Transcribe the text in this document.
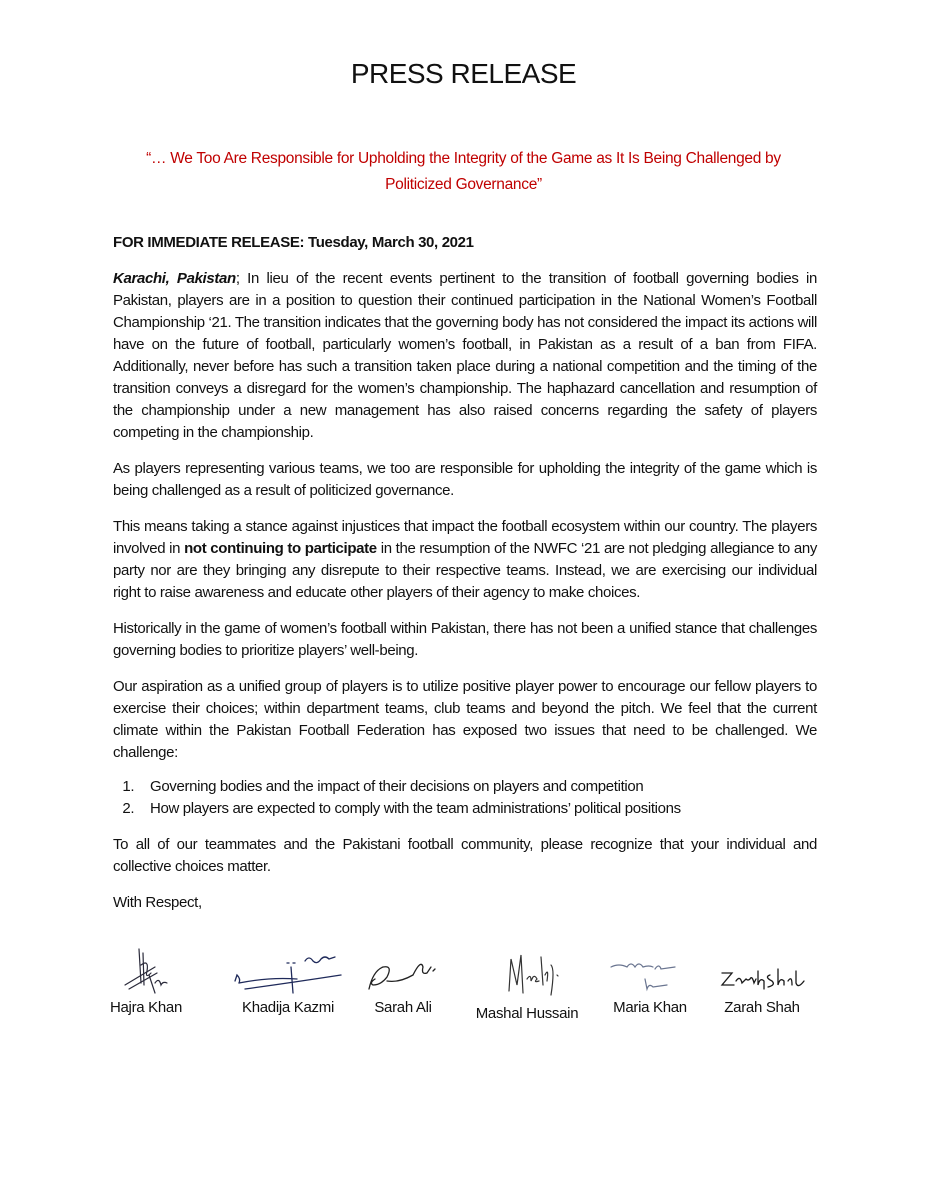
PRESS RELEASE
“… We Too Are Responsible for Upholding the Integrity of the Game as It Is Being Challenged by
Politicized Governance”
FOR IMMEDIATE RELEASE: Tuesday, March 30, 2021

Karachi, Pakistan; In lieu of the recent events pertinent to the transition of football governing bodies in Pakistan, players are in a position to question their continued participation in the National Women’s Football Championship ‘21. The transition indicates that the governing body has not considered the impact its actions will have on the future of football, particularly women’s football, in Pakistan as a result of a ban from FIFA. Additionally, never before has such a transition taken place during a national competition and the timing of the transition conveys a disregard for the women’s championship. The haphazard cancellation and resumption of the championship under a new management has also raised concerns regarding the safety of players competing in the championship.

As players representing various teams, we too are responsible for upholding the integrity of the game which is being challenged as a result of politicized governance.

This means taking a stance against injustices that impact the football ecosystem within our country. The players involved in not continuing to participate in the resumption of the NWFC ‘21 are not pledging allegiance to any party nor are they bringing any disrepute to their respective teams. Instead, we are exercising our individual right to raise awareness and educate other players of their agency to make choices.

Historically in the game of women’s football within Pakistan, there has not been a unified stance that challenges governing bodies to prioritize players’ well-being.

Our aspiration as a unified group of players is to utilize positive player power to encourage our fellow players to exercise their choices; within department teams, club teams and beyond the pitch. We feel that the current climate within the Pakistan Football Federation has exposed two issues that need to be challenged. We challenge:

1. Governing bodies and the impact of their decisions on players and competition
2. How players are expected to comply with the team administrations’ political positions

To all of our teammates and the Pakistani football community, please recognize that your individual and collective choices matter.

With Respect,

Hajra Khan	Khadija Kazmi	Sarah Ali	Mashal Hussain	Maria Khan	Zarah Shah
